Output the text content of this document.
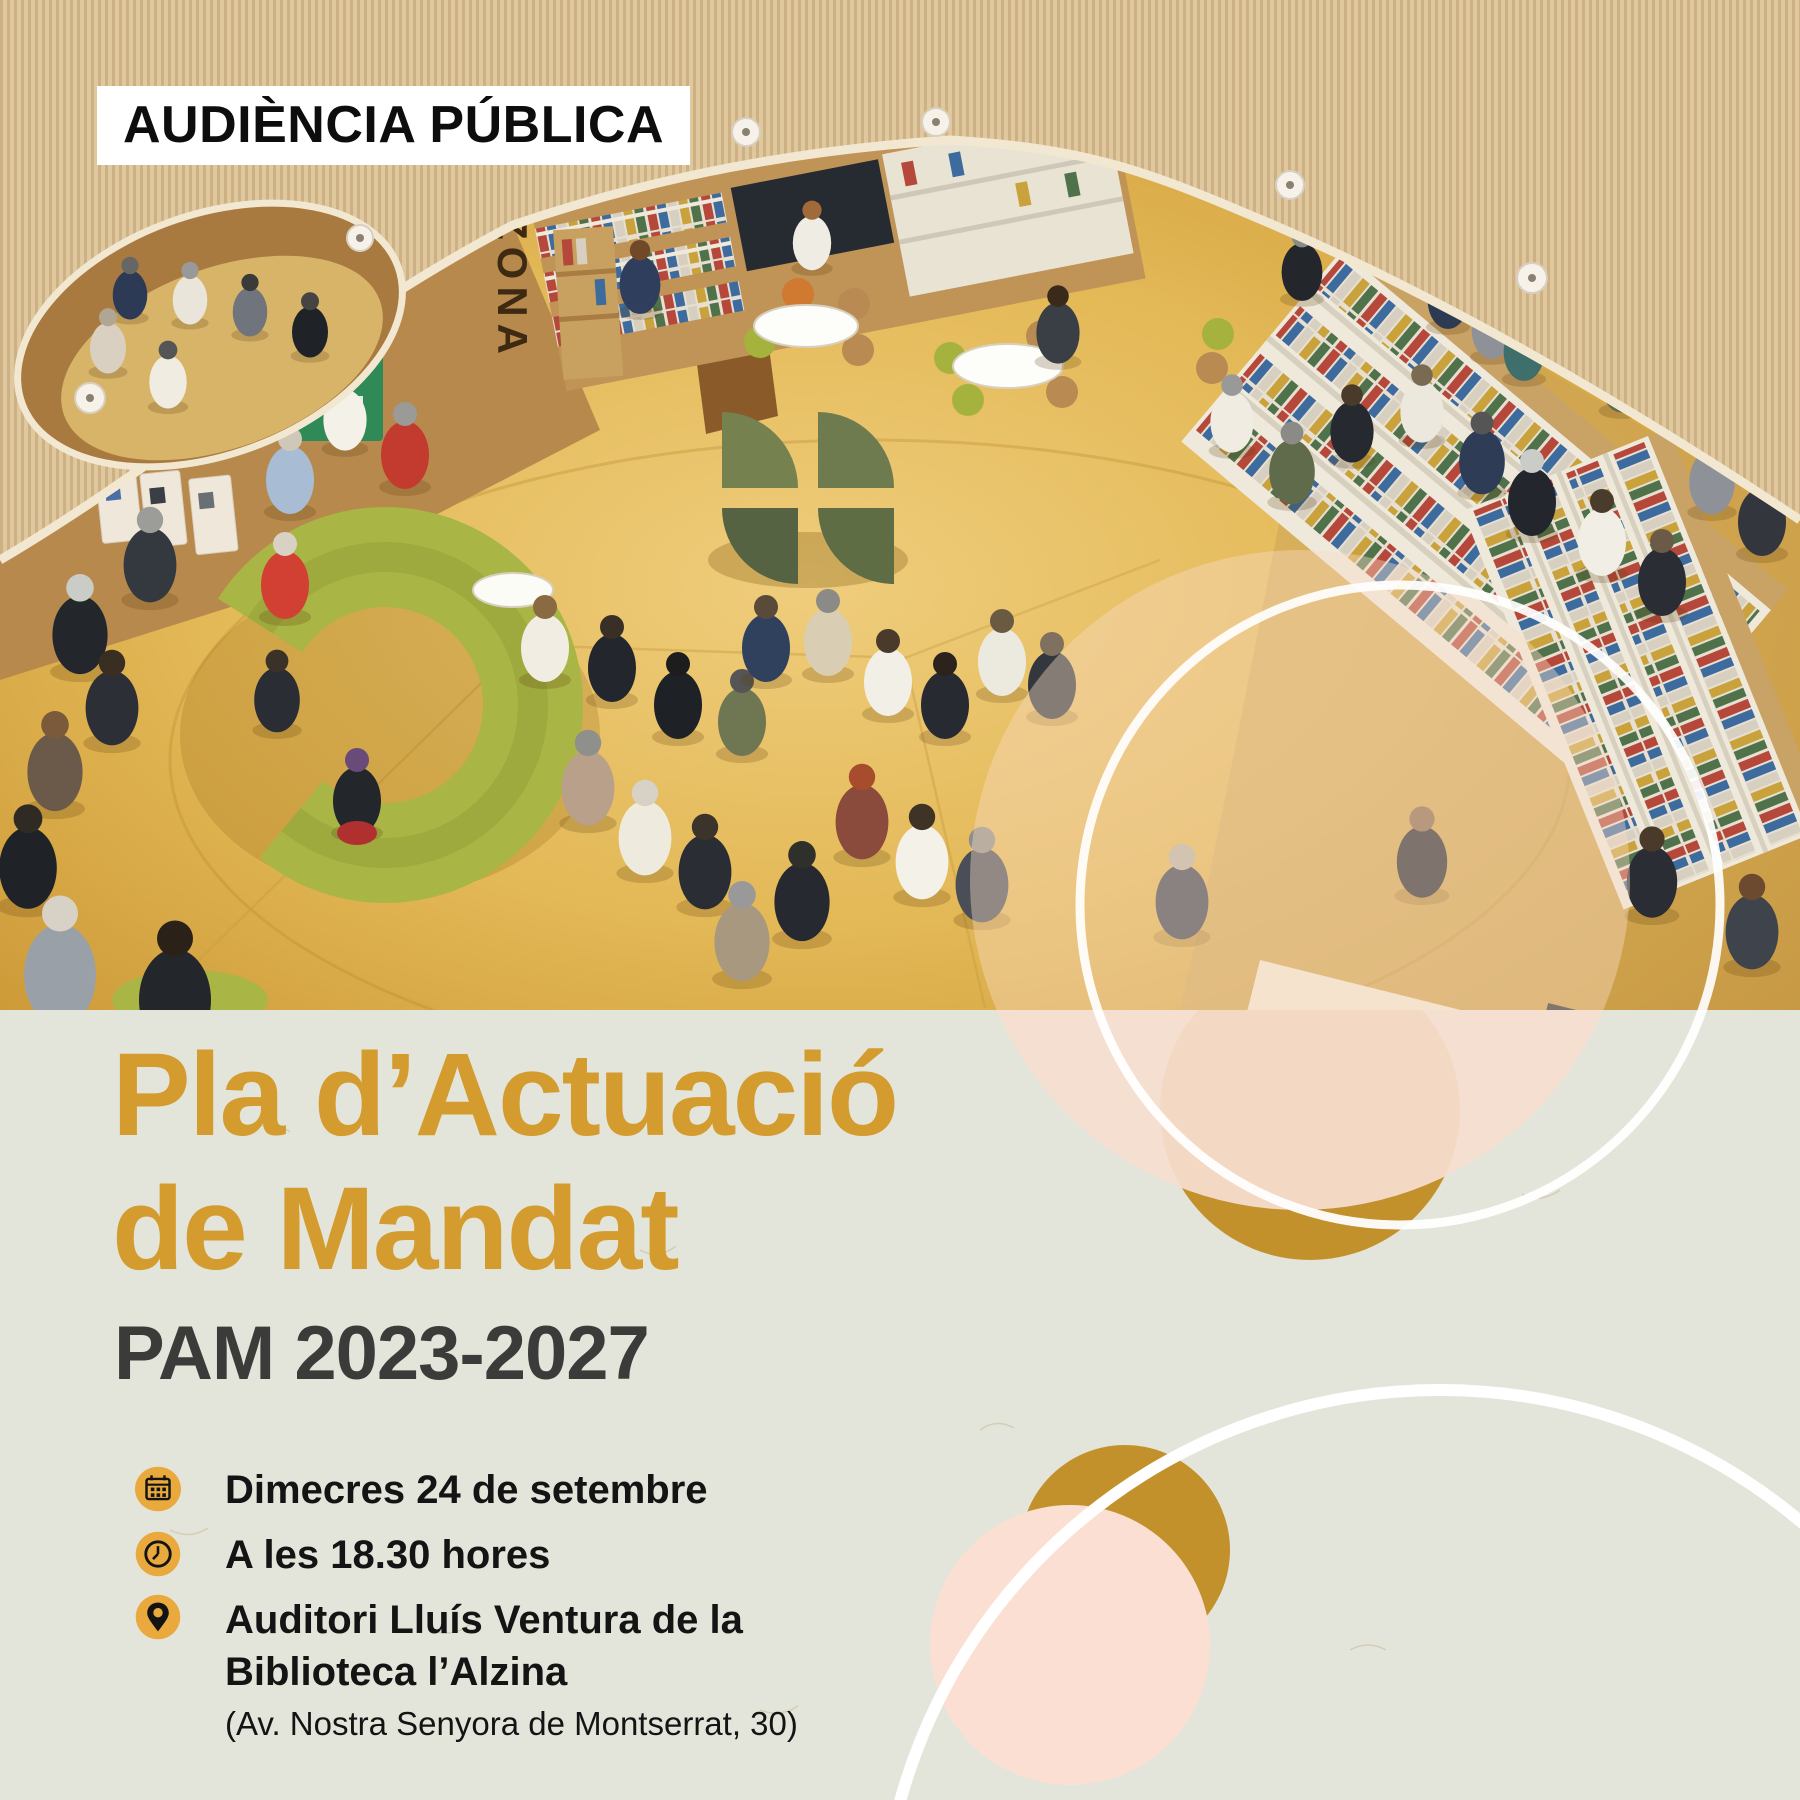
ZONA
AUDIÈNCIA PÚBLICA
Pla d’Actuació
de Mandat
PAM 2023-2027
Dimecres 24 de setembre
A les 18.30 hores
Auditori Lluís Ventura de la
Biblioteca l’Alzina
(Av. Nostra Senyora de Montserrat, 30)
